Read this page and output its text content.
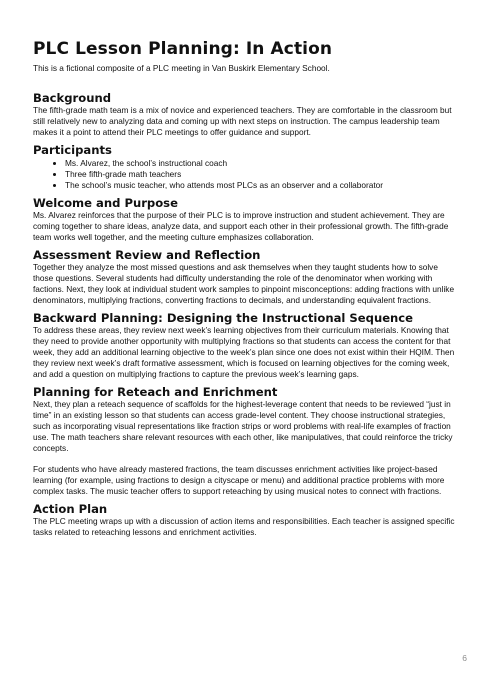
PLC Lesson Planning: In Action

This is a fictional composite of a PLC meeting in Van Buskirk Elementary School.

Background

The fifth-grade math team is a mix of novice and experienced teachers. They are comfortable in the classroom but still relatively new to analyzing data and coming up with next steps on instruction. The campus leadership team makes it a point to attend their PLC meetings to offer guidance and support.

Participants
• Ms. Alvarez, the school’s instructional coach
• Three fifth-grade math teachers
• The school’s music teacher, who attends most PLCs as an observer and a collaborator
Welcome and Purpose

Ms. Alvarez reinforces that the purpose of their PLC is to improve instruction and student achievement. They are coming together to share ideas, analyze data, and support each other in their professional growth. The fifth-grade team works well together, and the meeting culture emphasizes collaboration.

Assessment Review and Reflection

Together they analyze the most missed questions and ask themselves when they taught students how to solve those questions. Several students had difficulty understanding the role of the denominator when working with factions. Next, they look at individual student work samples to pinpoint misconceptions: adding fractions with unlike denominators, multiplying fractions, converting fractions to decimals, and understanding equivalent fractions.

Backward Planning: Designing the Instructional Sequence

To address these areas, they review next week’s learning objectives from their curriculum materials. Knowing that they need to provide another opportunity with multiplying fractions so that students can access the content for that week, they add an additional learning objective to the week’s plan since one does not exist within their HQIM. Then they review next week’s draft formative assessment, which is focused on learning objectives for the coming week, and add a question on multiplying fractions to capture the previous week’s learning gaps.

Planning for Reteach and Enrichment

Next, they plan a reteach sequence of scaffolds for the highest-leverage content that needs to be reviewed “just in time” in an existing lesson so that students can access grade-level content. They choose instructional strategies, such as incorporating visual representations like fraction strips or word problems with real-life examples of fraction use. The math teachers share relevant resources with each other, like manipulatives, that could reinforce the tricky concepts.

For students who have already mastered fractions, the team discusses enrichment activities like project-based learning (for example, using fractions to design a cityscape or menu) and additional practice problems with more complex tasks. The music teacher offers to support reteaching by using musical notes to connect with fractions.

Action Plan

The PLC meeting wraps up with a discussion of action items and responsibilities. Each teacher is assigned specific tasks related to reteaching lessons and enrichment activities.

6
